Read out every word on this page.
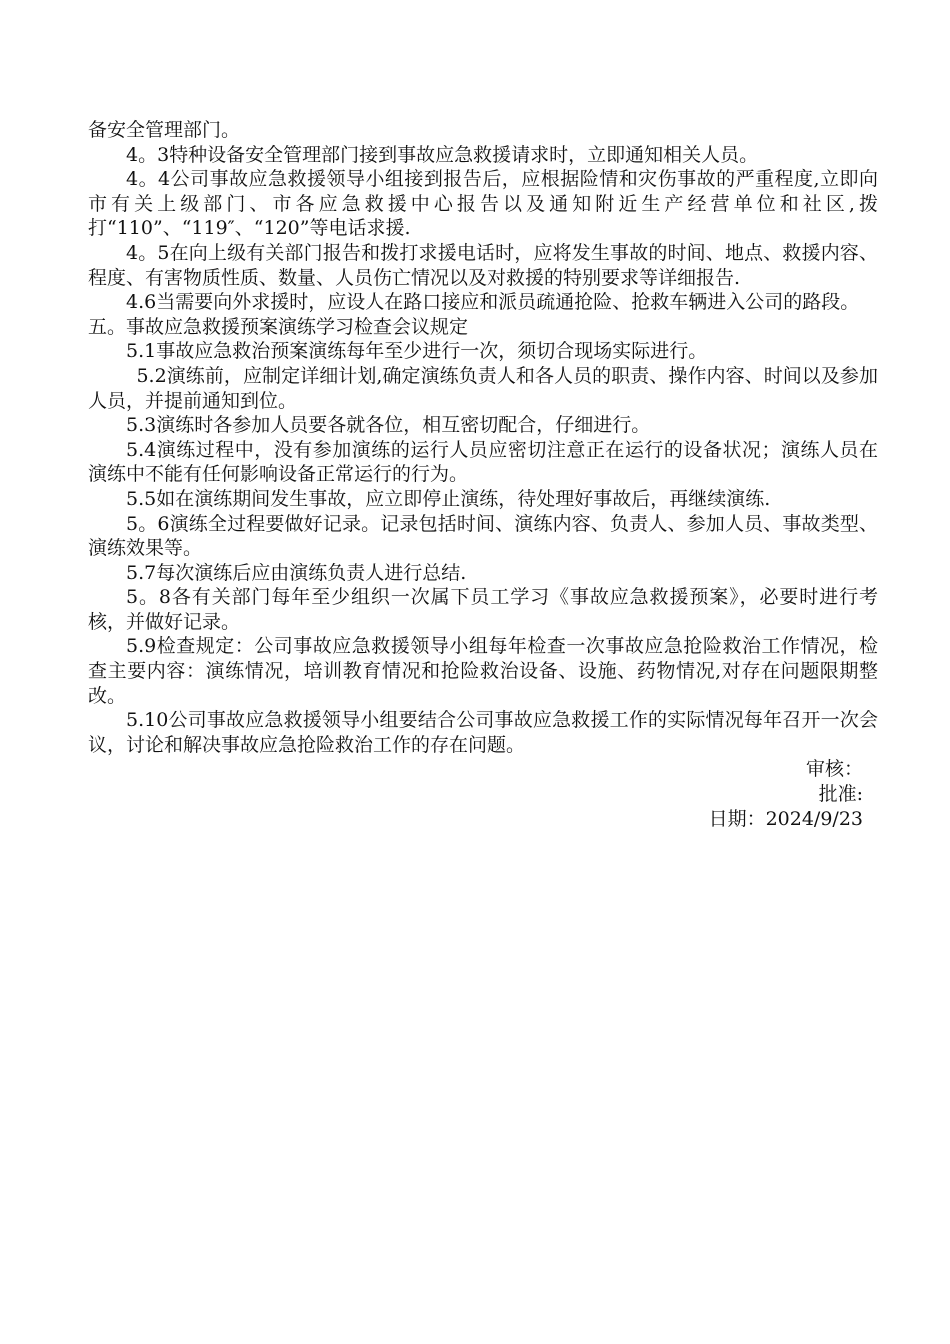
备安全管理部门。

4。3特种设备安全管理部门接到事故应急救援请求时，立即通知相关人员。

4。4公司事故应急救援领导小组接到报告后，应根据险情和灾伤事故的严重程度,立即向市有关上级部门、市各应急救援中心报告以及通知附近生产经营单位和社区,拨打“110”、“119″、“120”等电话求援.

4。5在向上级有关部门报告和拨打求援电话时，应将发生事故的时间、地点、救援内容、程度、有害物质性质、数量、人员伤亡情况以及对救援的特别要求等详细报告.

4.6当需要向外求援时，应设人在路口接应和派员疏通抢险、抢救车辆进入公司的路段。

五。事故应急救援预案演练学习检查会议规定

5.1事故应急救治预案演练每年至少进行一次，须切合现场实际进行。

5.2演练前，应制定详细计划,确定演练负责人和各人员的职责、操作内容、时间以及参加人员，并提前通知到位。

5.3演练时各参加人员要各就各位，相互密切配合，仔细进行。

5.4演练过程中，没有参加演练的运行人员应密切注意正在运行的设备状况；演练人员在演练中不能有任何影响设备正常运行的行为。

5.5如在演练期间发生事故，应立即停止演练，待处理好事故后，再继续演练.

5。6演练全过程要做好记录。记录包括时间、演练内容、负责人、参加人员、事故类型、演练效果等。

5.7每次演练后应由演练负责人进行总结.

5。8各有关部门每年至少组织一次属下员工学习《事故应急救援预案》，必要时进行考核，并做好记录。

5.9检查规定：公司事故应急救援领导小组每年检查一次事故应急抢险救治工作情况，检查主要内容：演练情况，培训教育情况和抢险救治设备、设施、药物情况,对存在问题限期整改。

5.10公司事故应急救援领导小组要结合公司事故应急救援工作的实际情况每年召开一次会议，讨论和解决事故应急抢险救治工作的存在问题。

审核：

批准:

日期：2024/9/23
